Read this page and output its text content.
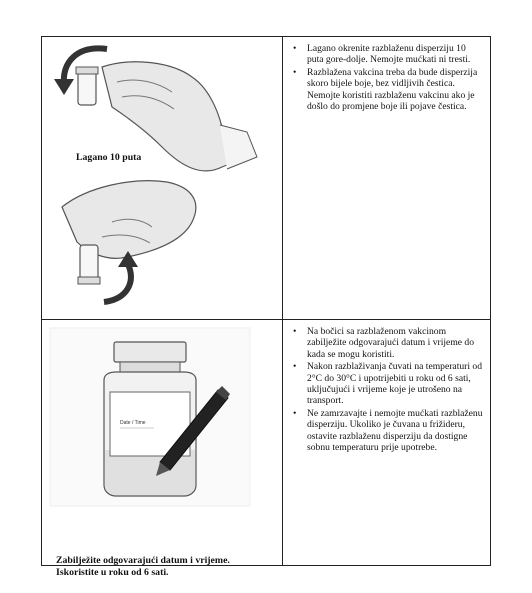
Lagano 10 puta
• Lagano okrenite razblaženu disperziju 10 puta gore-dolje. Nemojte mućkati ni tresti.
• Razblažena vakcina treba da bude disperzija skoro bijele boje, bez vidljivih čestica. Nemojte koristiti razblaženu vakcinu ako je došlo do promjene boje ili pojave čestica.
Date / Time
Zabilježite odgovarajući datum i vrijeme. Iskoristite u roku od 6 sati.
• Na bočici sa razblaženom vakcinom zabilježite odgovarajući datum i vrijeme do kada se mogu koristiti.
• Nakon razblaživanja čuvati na temperaturi od 2°C do 30°C i upotrijebiti u roku od 6 sati, uključujući i vrijeme koje je utrošeno na transport.
• Ne zamrzavajte i nemojte mućkati razblaženu disperziju. Ukoliko je čuvana u frižideru, ostavite razblaženu disperziju da dostigne sobnu temperaturu prije upotrebe.
